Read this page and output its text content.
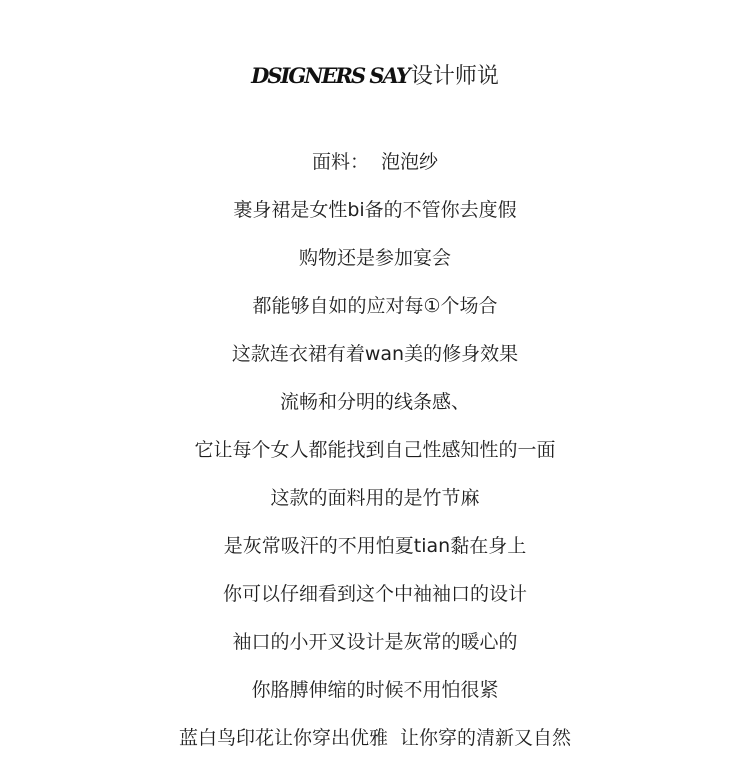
DSIGNERS SAY设计师说
面料：  泡泡纱
裹身裙是女性bi备的不管你去度假
购物还是参加宴会
都能够自如的应对每①个场合
这款连衣裙有着wan美的修身效果
流畅和分明的线条感、
它让每个女人都能找到自己性感知性的一面
这款的面料用的是竹节麻
是灰常吸汗的不用怕夏tian黏在身上
你可以仔细看到这个中袖袖口的设计
袖口的小开叉设计是灰常的暖心的
你胳膊伸缩的时候不用怕很紧
蓝白鸟印花让你穿出优雅  让你穿的清新又自然
